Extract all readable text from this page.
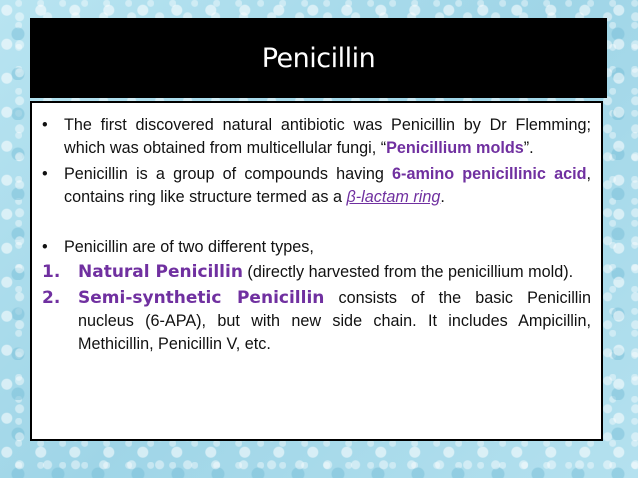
Penicillin
•	The first discovered natural antibiotic was Penicillin by Dr Flemming; which was obtained from multicellular fungi, “Penicillium molds”.
•	Penicillin is a group of compounds having 6-amino penicillinic acid, contains ring like structure termed as a β-lactam ring.
•	Penicillin are of two different types,
1.	Natural Penicillin (directly harvested from the penicillium mold).
2.	Semi-synthetic Penicillin consists of the basic Penicillin nucleus (6-APA), but with new side chain. It includes Ampicillin, Methicillin, Penicillin V, etc.
